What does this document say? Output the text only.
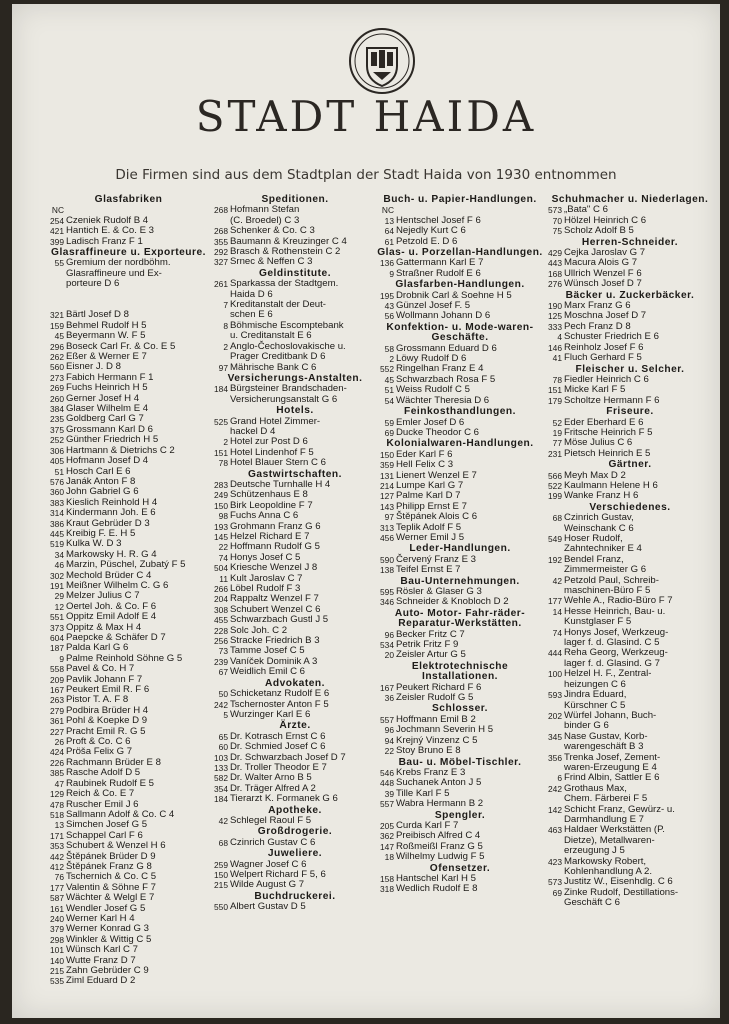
STADT HAIDA
Die Firmen sind aus dem Stadtplan der Stadt Haida von 1930 entnommen
Glasfabriken
NC
254 Czeniek Rudolf B 4
421 Hantich E. & Co. E 3
399 Ladisch Franz F 1
Glasraffineure u. Exporteure.
55 Gremium der nordböhm.
Glasraffineure und Ex-
porteure D 6
321 Bärtl Josef D 8
159 Behmel Rudolf H 5
45 Beyermann W. F 5
296 Boseck Carl Fr. & Co. E 5
262 Eßer & Werner E 7
560 Eisner J. D 8
273 Fabich Hermann F 1
269 Fuchs Heinrich H 5
260 Gerner Josef H 4
384 Glaser Wilhelm E 4
235 Goldberg Carl G 7
375 Grossmann Karl D 6
252 Günther Friedrich H 5
306 Hartmann & Dietrichs C 2
405 Hofmann Josef D 4
51 Hosch Carl E 6
576 Janák Anton F 8
360 John Gabriel G 6
383 Kieslich Reinhold H 4
314 Kindermann Joh. E 6
386 Kraut Gebrüder D 3
445 Kreibig F. E. H 5
519 Kulka W. D 3
34 Markowsky H. R. G 4
46 Marzin, Püschel, Zubatý F 5
302 Mechold Brüder C 4
191 Meißner Wilhelm C. G 6
29 Melzer Julius C 7
12 Oertel Joh. & Co. F 6
551 Oppitz Emil Adolf E 4
373 Oppitz & Max H 4
604 Paepcke & Schäfer D 7
187 Palda Karl G 6
9 Palme Reinhold Söhne G 5
558 Pavel & Co. H 7
209 Pavlik Johann F 7
167 Peukert Emil R. F 6
263 Pistor T. A. F 8
279 Podbira Brüder H 4
361 Pohl & Koepke D 9
227 Pracht Emil R. G 5
26 Proft & Co. C 6
424 Pröša Felix G 7
226 Rachmann Brüder E 8
385 Rasche Adolf D 5
47 Raubinek Rudolf E 5
129 Reich & Co. E 7
478 Ruscher Emil J 6
518 Sallmann Adolf & Co. C 4
13 Simchen Josef G 5
171 Schappel Carl F 6
353 Schubert & Wenzel H 6
442 Štěpánek Brüder D 9
412 Štěpánek Franz G 8
76 Tschernich & Co. C 5
177 Valentin & Söhne F 7
587 Wächter & Welgl E 7
161 Wendler Josef G 5
240 Werner Karl H 4
379 Werner Konrad G 3
298 Winkler & Wittig C 5
101 Wünsch Karl C 7
140 Wutte Franz D 7
215 Zahn Gebrüder C 9
535 Ziml Eduard D 2
Speditionen.
268 Hofmann Stefan
(C. Broedel) C 3
268 Schenker & Co. C 3
355 Baumann & Kreuzinger C 4
292 Brasch & Rothenstein C 2
327 Srnec & Neffen C 3
Geldinstitute.
261 Sparkassa der Stadtgem.
Haida D 6
7 Kreditanstalt der Deut-
schen E 6
8 Böhmische Escomptebank
u. Creditanstalt E 6
2 Anglo-Čechoslovakische u.
Prager Creditbank D 6
97 Mährische Bank C 6
Versicherungs-Anstalten.
184 Bürgsteiner Brandschaden-
Versicherungsanstalt G 6
Hotels.
525 Grand Hotel Zimmer-
hackel D 4
2 Hotel zur Post D 6
151 Hotel Lindenhof F 5
78 Hotel Blauer Stern C 6
Gastwirtschaften.
283 Deutsche Turnhalle H 4
249 Schützenhaus E 8
150 Birk Leopoldine F 7
98 Fuchs Anna C 6
193 Grohmann Franz G 6
145 Helzel Richard E 7
22 Hoffmann Rudolf G 5
74 Honys Josef C 5
504 Kriesche Wenzel J 8
11 Kult Jaroslav C 7
266 Löbel Rudolf F 3
204 Rappaltz Wenzel F 7
308 Schubert Wenzel C 6
455 Schwarzbach Gustl J 5
228 Solc Joh. C 2
256 Stracke Friedrich B 3
73 Tamme Josef C 5
239 Vaníček Dominik A 3
67 Weidlich Emil C 6
Advokaten.
50 Schicketanz Rudolf E 6
242 Tschernoster Anton F 5
5 Wurzinger Karl E 6
Ärzte.
65 Dr. Kotrasch Ernst C 6
60 Dr. Schmied Josef C 6
103 Dr. Schwarzbach Josef D 7
133 Dr. Troller Theodor E 7
582 Dr. Walter Arno B 5
354 Dr. Träger Alfred A 2
184 Tierarzt K. Formanek G 6
Apotheke.
42 Schlegel Raoul F 5
Großdrogerie.
68 Czinrich Gustav C 6
Juweliere.
259 Wagner Josef C 6
150 Welpert Richard F 5, 6
215 Wilde August G 7
Buchdruckerei.
550 Albert Gustav D 5
Buch- u. Papier-Handlungen.
NC
13 Hentschel Josef F 6
64 Nejedly Kurt C 6
61 Petzold E. D 6
Glas- u. Porzellan-Handlungen.
136 Gattermann Karl E 7
9 Straßner Rudolf E 6
Glasfarben-Handlungen.
195 Drobnik Carl & Soehne H 5
43 Günzel Josef F. 5
56 Wollmann Johann D 6
Konfektion- u. Mode-waren-Geschäfte.
58 Grossmann Eduard D 6
2 Löwy Rudolf D 6
552 Ringelhan Franz E 4
45 Schwarzbach Rosa F 5
51 Weiss Rudolf C 5
54 Wächter Theresia D 6
Feinkosthandlungen.
59 Emler Josef D 6
69 Ducke Theodor C 6
Kolonialwaren-Handlungen.
150 Eder Karl F 6
359 Hell Felix C 3
131 Lienert Wenzel E 7
214 Lumpe Karl G 7
127 Palme Karl D 7
143 Philipp Ernst E 7
97 Štěpánek Alois C 6
313 Teplik Adolf F 5
456 Werner Emil J 5
Leder-Handlungen.
590 Červený Franz E 3
138 Teifel Ernst E 7
Bau-Unternehmungen.
595 Rösler & Glaser G 3
346 Schneider & Knobloch D 2
Auto- Motor- Fahr-räder- Reparatur-Werkstätten.
96 Becker Fritz C 7
534 Petrik Fritz F 9
20 Zeisler Artur G 5
Elektrotechnische Installationen.
167 Peukert Richard F 6
36 Zeisler Rudolf G 5
Schlosser.
557 Hoffmann Emil B 2
96 Jochmann Severin H 5
94 Krejný Vinzenz C 5
22 Stoy Bruno E 8
Bau- u. Möbel-Tischler.
546 Krebs Franz E 3
448 Suchanek Anton J 5
39 Tille Karl F 5
557 Wabra Hermann B 2
Spengler.
205 Curda Karl F 7
362 Preibisch Alfred C 4
147 Roßmeißl Franz G 5
18 Wilhelmy Ludwig F 5
Ofensetzer.
158 Hantschel Karl H 5
318 Wedlich Rudolf E 8
Schuhmacher u. Niederlagen.
573 „Bata" C 6
70 Hölzel Heinrich C 6
75 Scholz Adolf B 5
Herren-Schneider.
429 Cejka Jaroslav G 7
443 Macura Alois G 7
168 Ullrich Wenzel F 6
276 Wünsch Josef D 7
Bäcker u. Zuckerbäcker.
190 Marx Franz G 6
125 Moschna Josef D 7
333 Pech Franz D 8
4 Schuster Friedrich E 6
146 Reinholz Josef F 6
41 Fluch Gerhard F 5
Fleischer u. Selcher.
78 Fiedler Heinrich C 6
151 Micke Karl F 5
179 Scholtze Hermann F 6
Friseure.
52 Eder Eberhard E 6
19 Fritsche Heinrich F 5
77 Möse Julius C 6
231 Pietsch Heinrich E 5
Gärtner.
566 Meyh Max D 2
522 Kaulmann Helene H 6
199 Wanke Franz H 6
Verschiedenes.
68 Czinrich Gustav,
Weinschank C 6
549 Hoser Rudolf,
Zahntechniker E 4
192 Bendel Franz,
Zimmermeister G 6
42 Petzold Paul, Schreib-
maschinen-Büro F 5
177 Wehle A., Radio-Büro F 7
14 Hesse Heinrich, Bau- u.
Kunstglaser F 5
74 Honys Josef, Werkzeug-
lager f. d. Glasind. C 5
444 Reha Georg, Werkzeug-
lager f. d. Glasind. G 7
100 Helzel H. F., Zentral-
heizungen C 6
593 Jindra Eduard,
Kürschner C 5
202 Würfel Johann, Buch-
binder G 6
345 Nase Gustav, Korb-
warengeschäft B 3
356 Trenka Josef, Zement-
waren-Erzeugung E 4
6 Frind Albin, Sattler E 6
242 Grothaus Max,
Chem. Färberei F 5
142 Schicht Franz, Gewürz- u.
Darmhandlung E 7
463 Haldaer Werkstätten (P.
Dietze), Metallwaren-
erzeugung J 5
423 Markowsky Robert,
Kohlenhandlung A 2.
573 Justitz W., Eisenhdlg. C 6
69 Zinke Rudolf, Destillations-
Geschäft C 6
